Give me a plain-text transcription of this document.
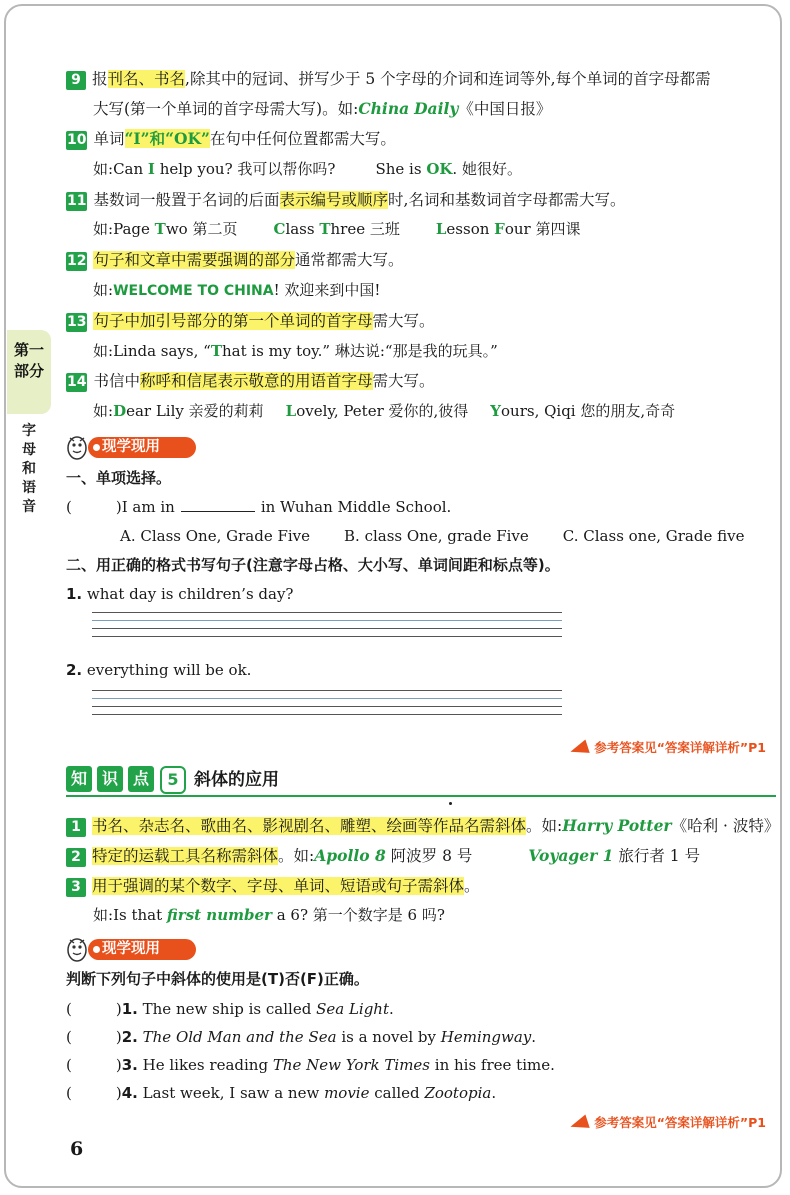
第一
部分
字母和语音
9 报刊名、书名,除其中的冠词、拼写少于 5 个字母的介词和连词等外,每个单词的首字母都需
大写(第一个单词的首字母需大写)。如:China Daily《中国日报》
10 单词“I”和“OK”在句中任何位置都需大写。
如:Can I help you? 我可以帮你吗?	She is OK. 她很好。
11 基数词一般置于名词的后面表示编号或顺序时,名词和基数词首字母都需大写。
如:Page Two 第二页 Class Three 三班 Lesson Four 第四课
12 句子和文章中需要强调的部分通常都需大写。
如:WELCOME TO CHINA! 欢迎来到中国!
13 句子中加引号部分的第一个单词的首字母需大写。
如:Linda says, “That is my toy.” 琳达说:“那是我的玩具。”
14 书信中称呼和信尾表示敬意的用语首字母需大写。
如:Dear Lily 亲爱的莉莉 Lovely, Peter 爱你的,彼得 Yours, Qiqi 您的朋友,奇奇
现学现用
一、单项选择。
(	)I am in	in Wuhan Middle School.
A. Class One, Grade Five B. class One, grade Five C. Class one, Grade five
二、用正确的格式书写句子(注意字母占格、大小写、单词间距和标点等)。
1. what day is children’s day?
2. everything will be ok.
参考答案见“答案详解详析”P1
知 识 点	5 斜体的应用
1 书名、杂志名、歌曲名、影视剧名、雕塑、绘画等作品名需斜体。如:Harry Potter《哈利 · 波特》
2 特定的运载工具名称需斜体。如:Apollo 8 阿波罗 8 号	Voyager 1 旅行者 1 号
3 用于强调的某个数字、字母、单词、短语或句子需斜体。
如:Is that first number a 6? 第一个数字是 6 吗?
现学现用
判断下列句子中斜体的使用是(T)否(F)正确。
(	)1. The new ship is called Sea Light.
(	)2. The Old Man and the Sea is a novel by Hemingway.
(	)3. He likes reading The New York Times in his free time.
(	)4. Last week, I saw a new movie called Zootopia.
参考答案见“答案详解详析”P1
6
